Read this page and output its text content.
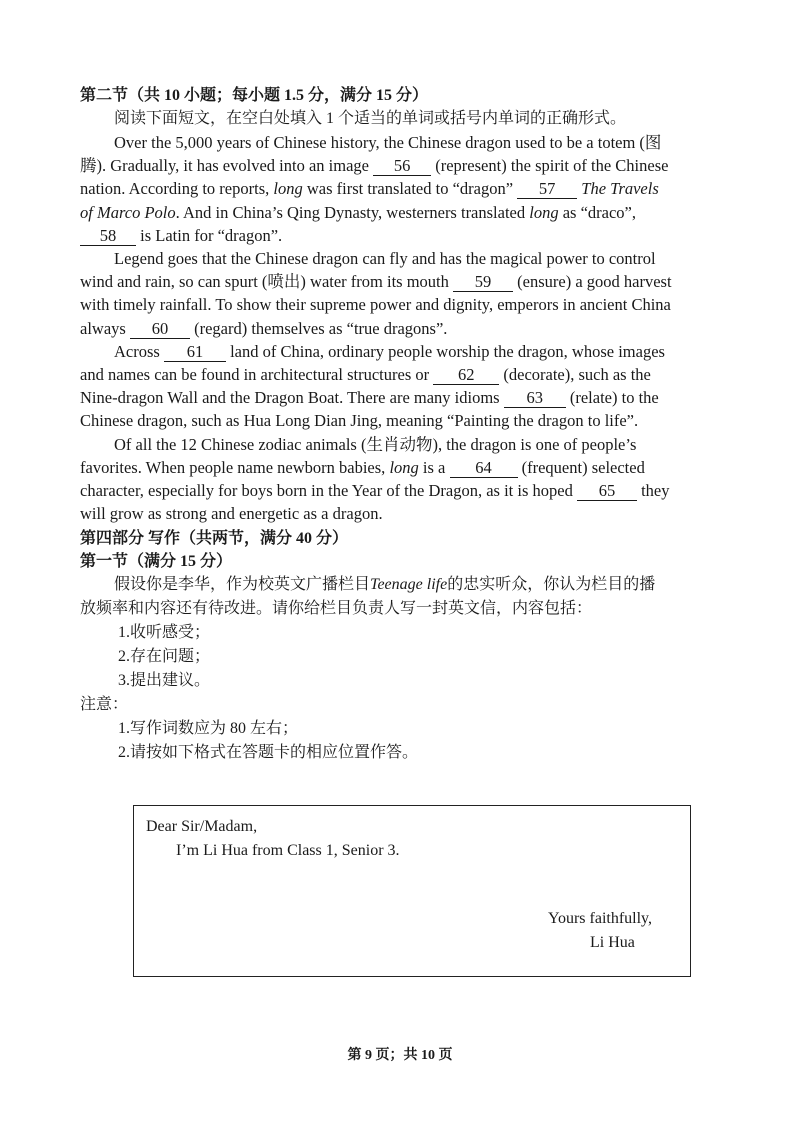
第二节（共 10 小题；每小题 1.5 分，满分 15 分）
阅读下面短文，在空白处填入 1 个适当的单词或括号内单词的正确形式。
Over the 5,000 years of Chinese history, the Chinese dragon used to be a totem (图
腾). Gradually, it has evolved into an image 56 (represent) the spirit of the Chinese
nation. According to reports, long was first translated to “dragon” 57 The Travels
of Marco Polo. And in China’s Qing Dynasty, westerners translated long as “draco”,
58 is Latin for “dragon”.
Legend goes that the Chinese dragon can fly and has the magical power to control
wind and rain, so can spurt (喷出) water from its mouth 59 (ensure) a good harvest
with timely rainfall. To show their supreme power and dignity, emperors in ancient China
always 60 (regard) themselves as “true dragons”.
Across 61 land of China, ordinary people worship the dragon, whose images
and names can be found in architectural structures or 62 (decorate), such as the
Nine-dragon Wall and the Dragon Boat. There are many idioms 63 (relate) to the
Chinese dragon, such as Hua Long Dian Jing, meaning “Painting the dragon to life”.
Of all the 12 Chinese zodiac animals (生肖动物), the dragon is one of people’s
favorites. When people name newborn babies, long is a 64 (frequent) selected
character, especially for boys born in the Year of the Dragon, as it is hoped 65 they
will grow as strong and energetic as a dragon.
第四部分 写作（共两节，满分 40 分）
第一节（满分 15 分）
假设你是李华，作为校英文广播栏目Teenage life的忠实听众，你认为栏目的播
放频率和内容还有待改进。请你给栏目负责人写一封英文信，内容包括：
1.收听感受；
2.存在问题；
3.提出建议。
注意：
1.写作词数应为 80 左右；
2.请按如下格式在答题卡的相应位置作答。
Dear Sir/Madam,
I’m Li Hua from Class 1, Senior 3.
Yours faithfully,
Li Hua
第 9 页；共 10 页
